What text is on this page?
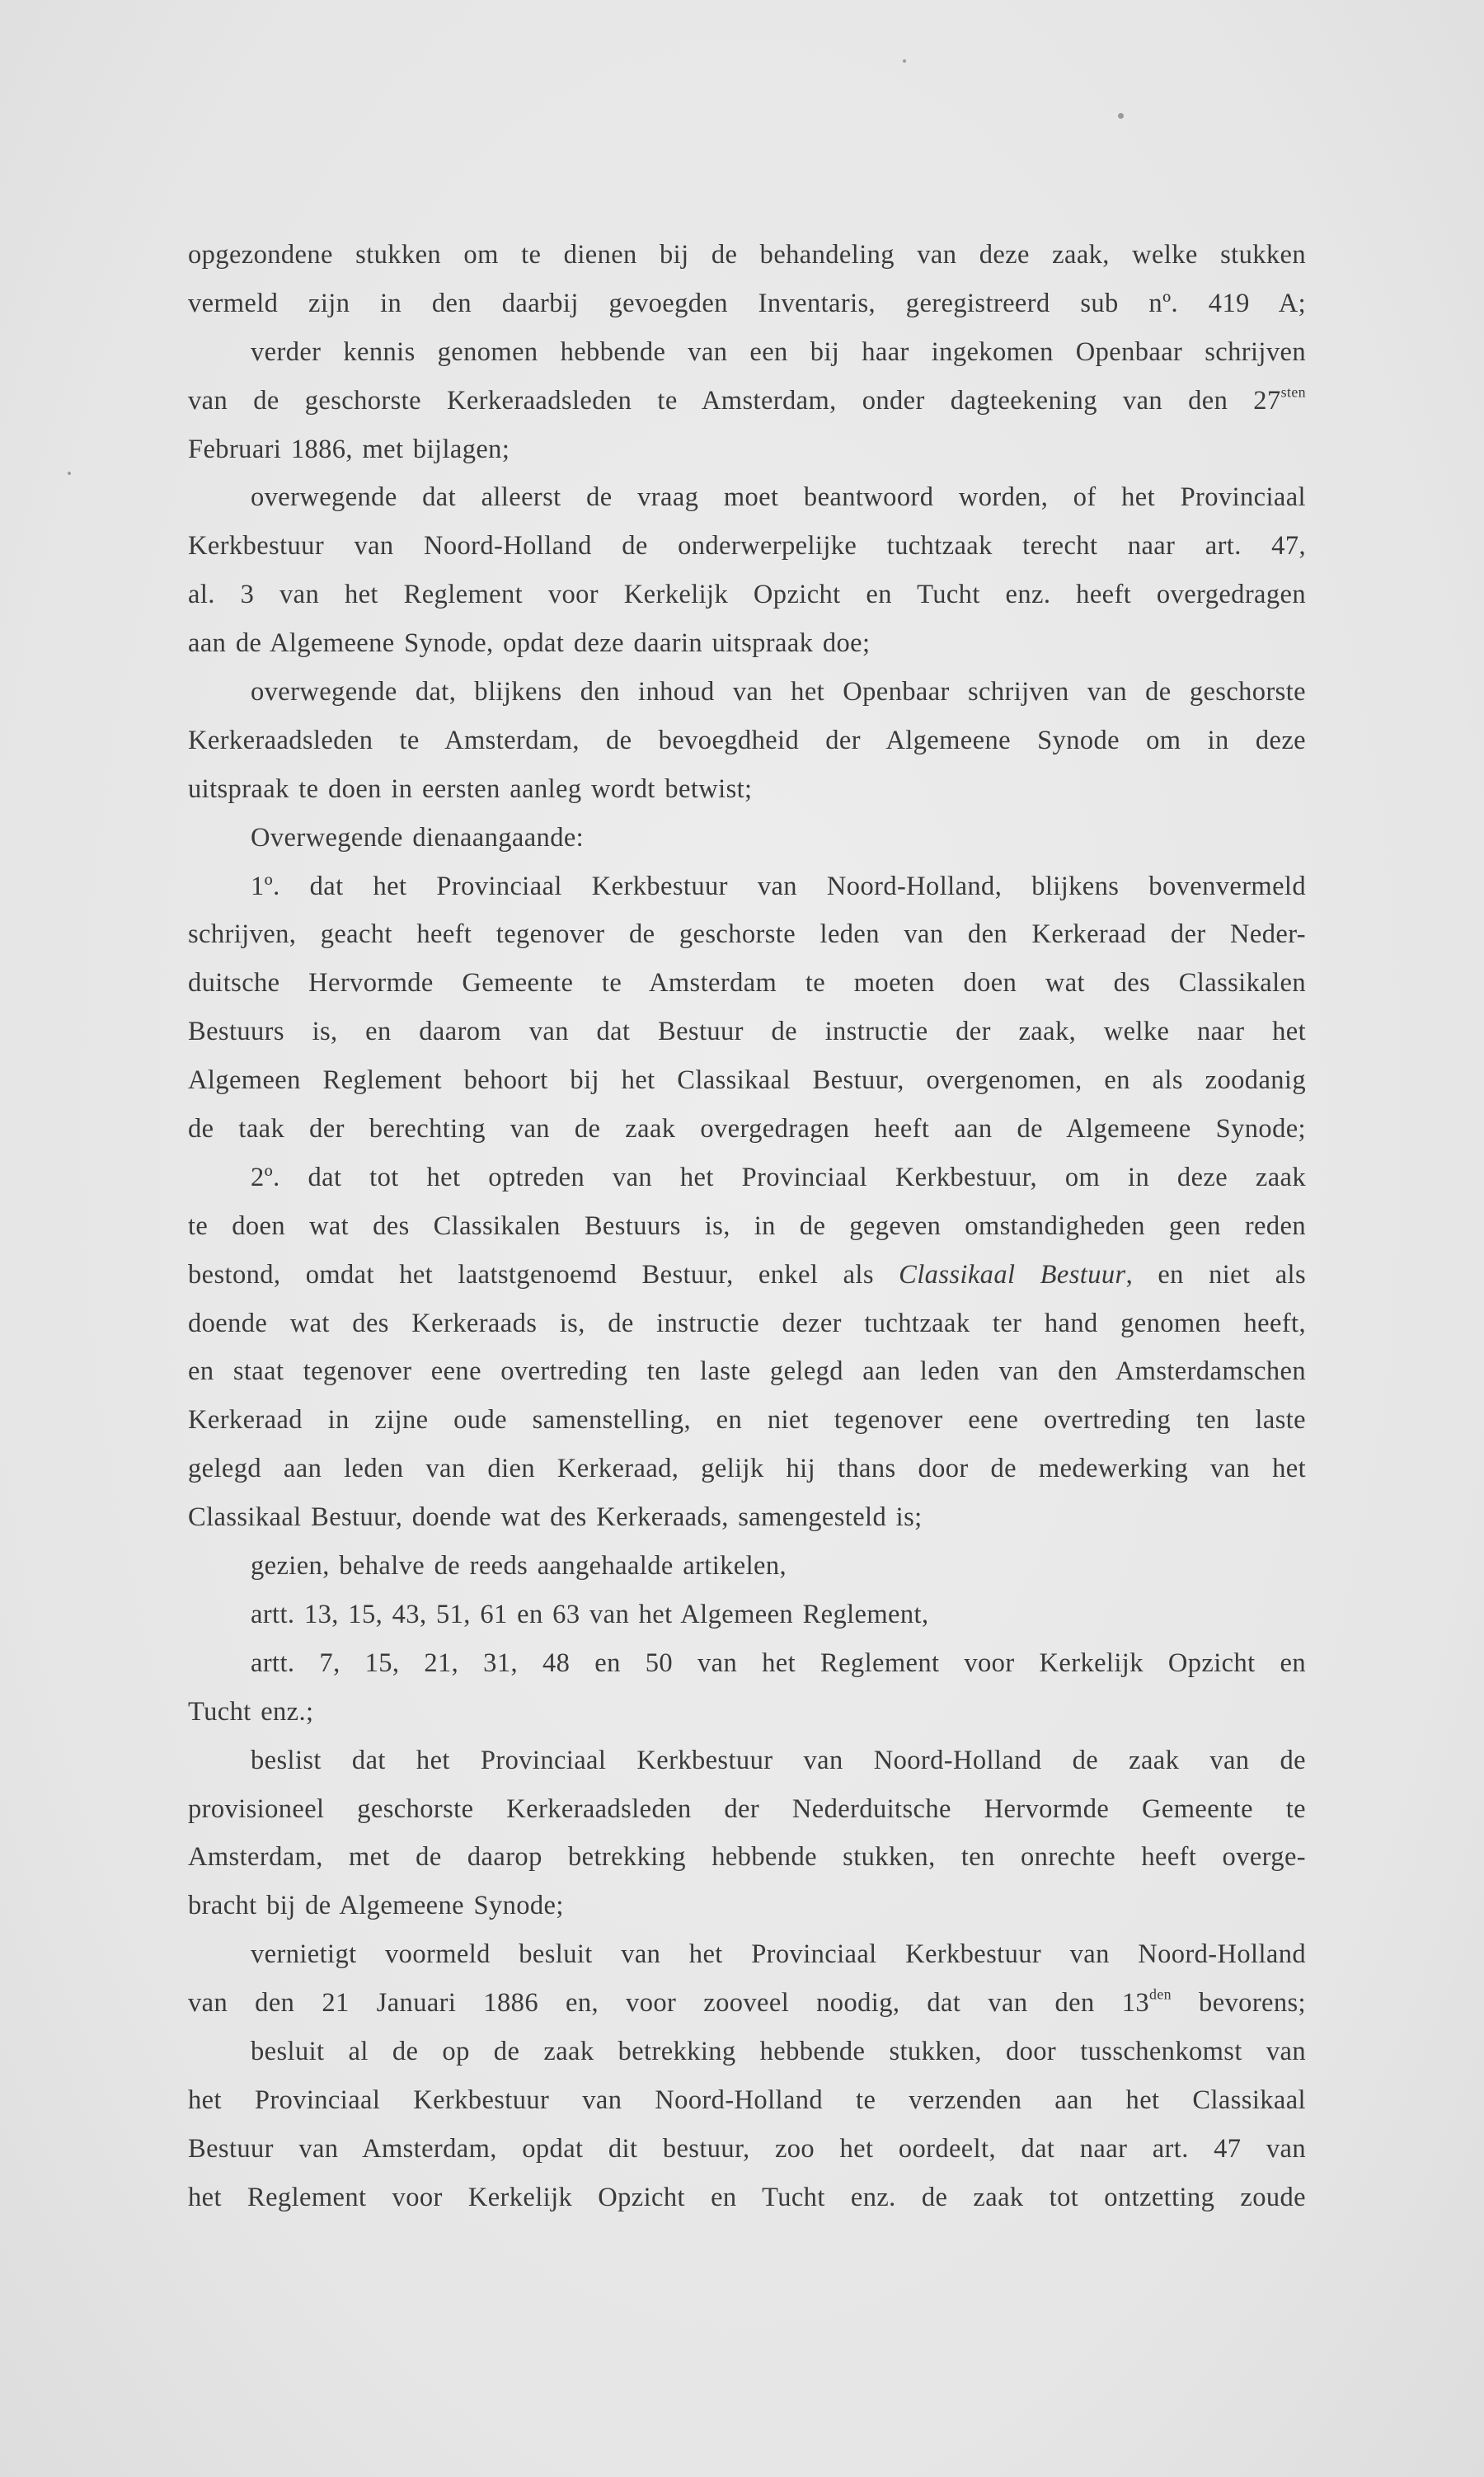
opgezondene stukken om te dienen bij de behandeling van deze zaak, welke stukken
vermeld zijn in den daarbij gevoegden Inventaris, geregistreerd sub nº. 419 A;
verder kennis genomen hebbende van een bij haar ingekomen Openbaar schrijven
van de geschorste Kerkeraadsleden te Amsterdam, onder dagteekening van den $27^{sten}$
Februari 1886, met bijlagen;
overwegende dat alleerst de vraag moet beantwoord worden, of het Provinciaal
Kerkbestuur van Noord-Holland de onderwerpelijke tuchtzaak terecht naar art. 47,
al. 3 van het Reglement voor Kerkelijk Opzicht en Tucht enz. heeft overgedragen
aan de Algemeene Synode, opdat deze daarin uitspraak doe;
overwegende dat, blijkens den inhoud van het Openbaar schrijven van de geschorste
Kerkeraadsleden te Amsterdam, de bevoegdheid der Algemeene Synode om in deze
uitspraak te doen in eersten aanleg wordt betwist;
Overwegende dienaangaande:
1º. dat het Provinciaal Kerkbestuur van Noord-Holland, blijkens bovenvermeld
schrijven, geacht heeft tegenover de geschorste leden van den Kerkeraad der Neder-
duitsche Hervormde Gemeente te Amsterdam te moeten doen wat des Classikalen
Bestuurs is, en daarom van dat Bestuur de instructie der zaak, welke naar het
Algemeen Reglement behoort bij het Classikaal Bestuur, overgenomen, en als zoodanig
de taak der berechting van de zaak overgedragen heeft aan de Algemeene Synode;
2º. dat tot het optreden van het Provinciaal Kerkbestuur, om in deze zaak
te doen wat des Classikalen Bestuurs is, in de gegeven omstandigheden geen reden
bestond, omdat het laatstgenoemd Bestuur, enkel als Classikaal Bestuur, en niet als
doende wat des Kerkeraads is, de instructie dezer tuchtzaak ter hand genomen heeft,
en staat tegenover eene overtreding ten laste gelegd aan leden van den Amsterdamschen
Kerkeraad in zijne oude samenstelling, en niet tegenover eene overtreding ten laste
gelegd aan leden van dien Kerkeraad, gelijk hij thans door de medewerking van het
Classikaal Bestuur, doende wat des Kerkeraads, samengesteld is;
gezien, behalve de reeds aangehaalde artikelen,
artt. 13, 15, 43, 51, 61 en 63 van het Algemeen Reglement,
artt. 7, 15, 21, 31, 48 en 50 van het Reglement voor Kerkelijk Opzicht en
Tucht enz.;
beslist dat het Provinciaal Kerkbestuur van Noord-Holland de zaak van de
provisioneel geschorste Kerkeraadsleden der Nederduitsche Hervormde Gemeente te
Amsterdam, met de daarop betrekking hebbende stukken, ten onrechte heeft overge-
bracht bij de Algemeene Synode;
vernietigt voormeld besluit van het Provinciaal Kerkbestuur van Noord-Holland
van den 21 Januari 1886 en, voor zooveel noodig, dat van den $13^{den}$ bevorens;
besluit al de op de zaak betrekking hebbende stukken, door tusschenkomst van
het Provinciaal Kerkbestuur van Noord-Holland te verzenden aan het Classikaal
Bestuur van Amsterdam, opdat dit bestuur, zoo het oordeelt, dat naar art. 47 van
het Reglement voor Kerkelijk Opzicht en Tucht enz. de zaak tot ontzetting zoude
